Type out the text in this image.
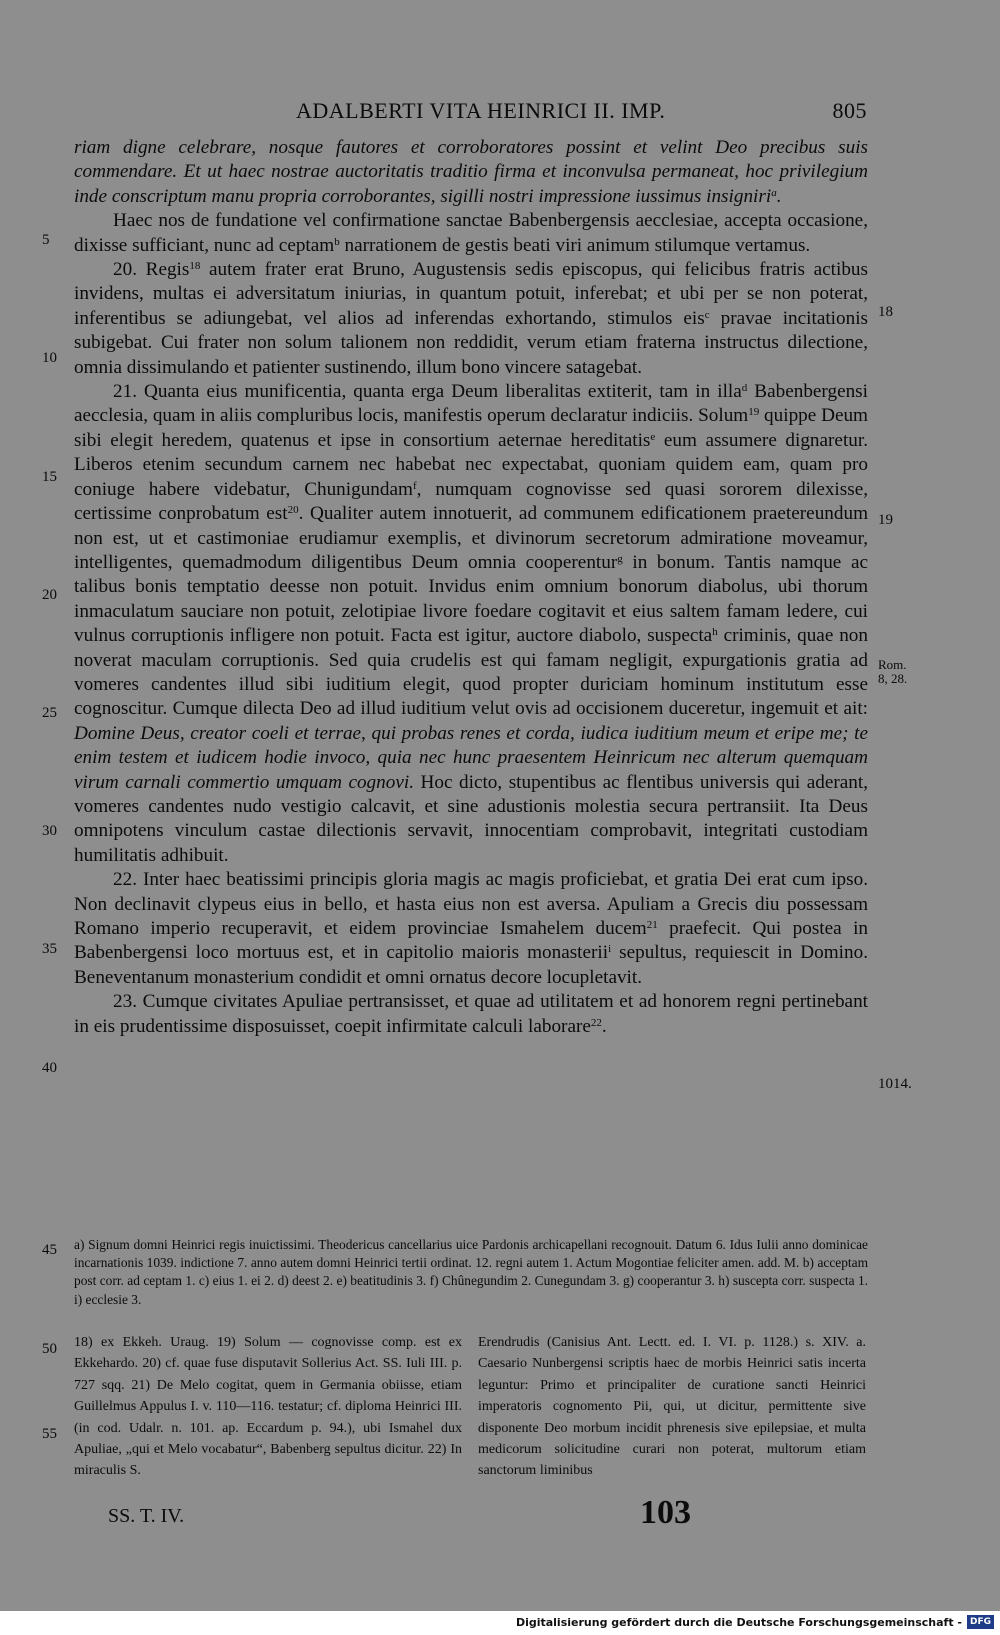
ADALBERTI VITA HEINRICI II. IMP.	805
5
10
15
20
25
30
35
40
45
50
55
18
19
Rom.
8, 28.
1014.

riam digne celebrare, nosque fautores et corroboratores possint et velint Deo precibus suis commendare. Et ut haec nostrae auctoritatis traditio firma et inconvulsa permaneat, hoc privilegium inde conscriptum manu propria corroborantes, sigilli nostri impressione iussimus insigniri$^a$.

Haec nos de fundatione vel confirmatione sanctae Babenbergensis aecclesiae, accepta occasione, dixisse sufficiant, nunc ad ceptam$^b$ narrationem de gestis beati viri animum stilumque vertamus.

20. Regis$^{18}$ autem frater erat Bruno, Augustensis sedis episcopus, qui felicibus fratris actibus invidens, multas ei adversitatum iniurias, in quantum potuit, inferebat; et ubi per se non poterat, inferentibus se adiungebat, vel alios ad inferendas exhortando, stimulos eis$^c$ pravae incitationis subigebat. Cui frater non solum talionem non reddidit, verum etiam fraterna instructus dilectione, omnia dissimulando et patienter sustinendo, illum bono vincere satagebat.

21. Quanta eius munificentia, quanta erga Deum liberalitas extiterit, tam in illa$^d$ Babenbergensi aecclesia, quam in aliis compluribus locis, manifestis operum declaratur indiciis. Solum$^{19}$ quippe Deum sibi elegit heredem, quatenus et ipse in consortium aeternae hereditatis$^e$ eum assumere dignaretur. Liberos etenim secundum carnem nec habebat nec expectabat, quoniam quidem eam, quam pro coniuge habere videbatur, Chunigundam$^f$, numquam cognovisse sed quasi sororem dilexisse, certissime conprobatum est$^{20}$. Qualiter autem innotuerit, ad communem edificationem praetereundum non est, ut et castimoniae erudiamur exemplis, et divinorum secretorum admiratione moveamur, intelligentes, quemadmodum diligentibus Deum omnia cooperentur$^g$ in bonum. Tantis namque ac talibus bonis temptatio deesse non potuit. Invidus enim omnium bonorum diabolus, ubi thorum inmaculatum sauciare non potuit, zelotipiae livore foedare cogitavit et eius saltem famam ledere, cui vulnus corruptionis infligere non potuit. Facta est igitur, auctore diabolo, suspecta$^h$ criminis, quae non noverat maculam corruptionis. Sed quia crudelis est qui famam negligit, expurgationis gratia ad vomeres candentes illud sibi iuditium elegit, quod propter duriciam hominum institutum esse cognoscitur. Cumque dilecta Deo ad illud iuditium velut ovis ad occisionem duceretur, ingemuit et ait: Domine Deus, creator coeli et terrae, qui probas renes et corda, iudica iuditium meum et eripe me; te enim testem et iudicem hodie invoco, quia nec hunc praesentem Heinricum nec alterum quemquam virum carnali commertio umquam cognovi. Hoc dicto, stupentibus ac flentibus universis qui aderant, vomeres candentes nudo vestigio calcavit, et sine adustionis molestia secura pertransiit. Ita Deus omnipotens vinculum castae dilectionis servavit, innocentiam comprobavit, integritati custodiam humilitatis adhibuit.

22. Inter haec beatissimi principis gloria magis ac magis proficiebat, et gratia Dei erat cum ipso. Non declinavit clypeus eius in bello, et hasta eius non est aversa. Apuliam a Grecis diu possessam Romano imperio recuperavit, et eidem provinciae Ismahelem ducem$^{21}$ praefecit. Qui postea in Babenbergensi loco mortuus est, et in capitolio maioris monasterii$^i$ sepultus, requiescit in Domino. Beneventanum monasterium condidit et omni ornatus decore locupletavit.

23. Cumque civitates Apuliae pertransisset, et quae ad utilitatem et ad honorem regni pertinebant in eis prudentissime disposuisset, coepit infirmitate calculi laborare$^{22}$.

a) Signum domni Heinrici regis inuictissimi. Theodericus cancellarius uice Pardonis archicapellani recognouit. Datum 6. Idus Iulii anno dominicae incarnationis 1039. indictione 7. anno autem domni Heinrici tertii ordinat. 12. regni autem 1. Actum Mogontiae feliciter amen. add. M. b) acceptam post corr. ad ceptam 1. c) eius 1. ei 2. d) deest 2. e) beatitudinis 3. f) Chûnegundim 2. Cunegundam 3. g) cooperantur 3. h) suscepta corr. suspecta 1. i) ecclesie 3.

18) ex Ekkeh. Uraug. 19) Solum — cognovisse comp. est ex Ekkehardo. 20) cf. quae fuse disputavit Sollerius Act. SS. Iuli III. p. 727 sqq. 21) De Melo cogitat, quem in Germania obiisse, etiam Guillelmus Appulus I. v. 110—116. testatur; cf. diploma Heinrici III. (in cod. Udalr. n. 101. ap. Eccardum p. 94.), ubi Ismahel dux Apuliae, „qui et Melo vocabatur“, Babenberg sepultus dicitur. 22) In miraculis S.
Erendrudis (Canisius Ant. Lectt. ed. I. VI. p. 1128.) s. XIV. a. Caesario Nunbergensi scriptis haec de morbis Heinrici satis incerta leguntur: Primo et principaliter de curatione sancti Heinrici imperatoris cognomento Pii, qui, ut dicitur, permittente sive disponente Deo morbum incidit phrenesis sive epilepsiae, et multa medicorum solicitudine curari non poterat, multorum etiam sanctorum liminibus
SS. T. IV.	103
Digitalisierung gefördert durch die Deutsche Forschungsgemeinschaft - DFG
